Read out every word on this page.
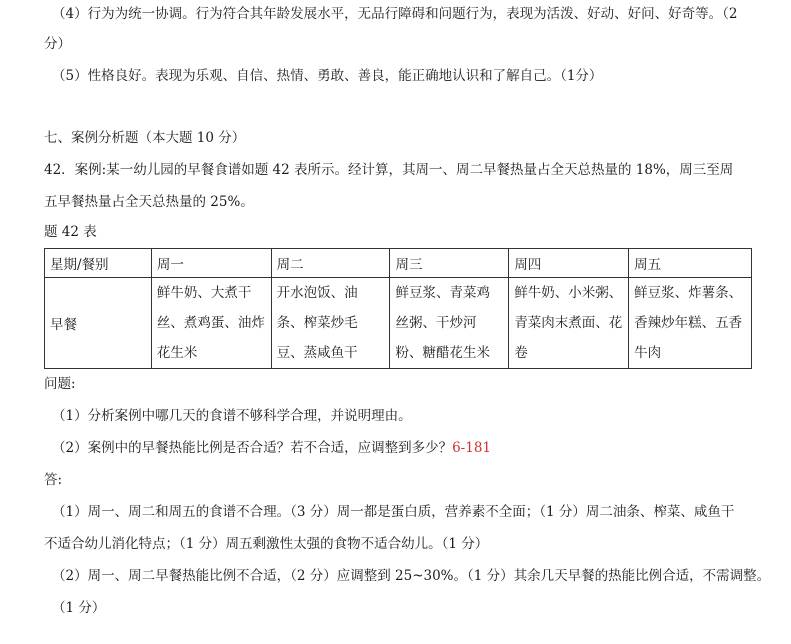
（4）行为为统一协调。行为符合其年龄发展水平，无品行障碍和问题行为，表现为活泼、好动、好问、好奇等。（2
分）
（5）性格良好。表现为乐观、自信、热情、勇敢、善良，能正确地认识和了解自己。（1分）
七、案例分析题（本大题 10 分）
42．案例:某一幼儿园的早餐食谱如题 42 表所示。经计算，其周一、周二早餐热量占全天总热量的 18%，周三至周
五早餐热量占全天总热量的 25%。
题 42 表
星期/餐别	周一	周二	周三	周四	周五
早餐	鲜牛奶、大煮干丝、煮鸡蛋、油炸花生米	开水泡饭、油条、榨菜炒毛豆、蒸咸鱼干	鲜豆浆、青菜鸡丝粥、干炒河粉、糖醋花生米	鲜牛奶、小米粥、青菜肉末煮面、花卷	鲜豆浆、炸薯条、香辣炒年糕、五香牛肉
问题:
（1）分析案例中哪几天的食谱不够科学合理，并说明理由。
（2）案例中的早餐热能比例是否合适？若不合适，应调整到多少？6-181
答:
（1）周一、周二和周五的食谱不合理。（3 分）周一都是蛋白质，营养素不全面；（1 分）周二油条、榨菜、咸鱼干
不适合幼儿消化特点；（1 分）周五剩激性太强的食物不适合幼儿。（1 分）
（2）周一、周二早餐热能比例不合适，（2 分）应调整到 25~30%。（1 分）其余几天早餐的热能比例合适，不需调整。
（1 分）
